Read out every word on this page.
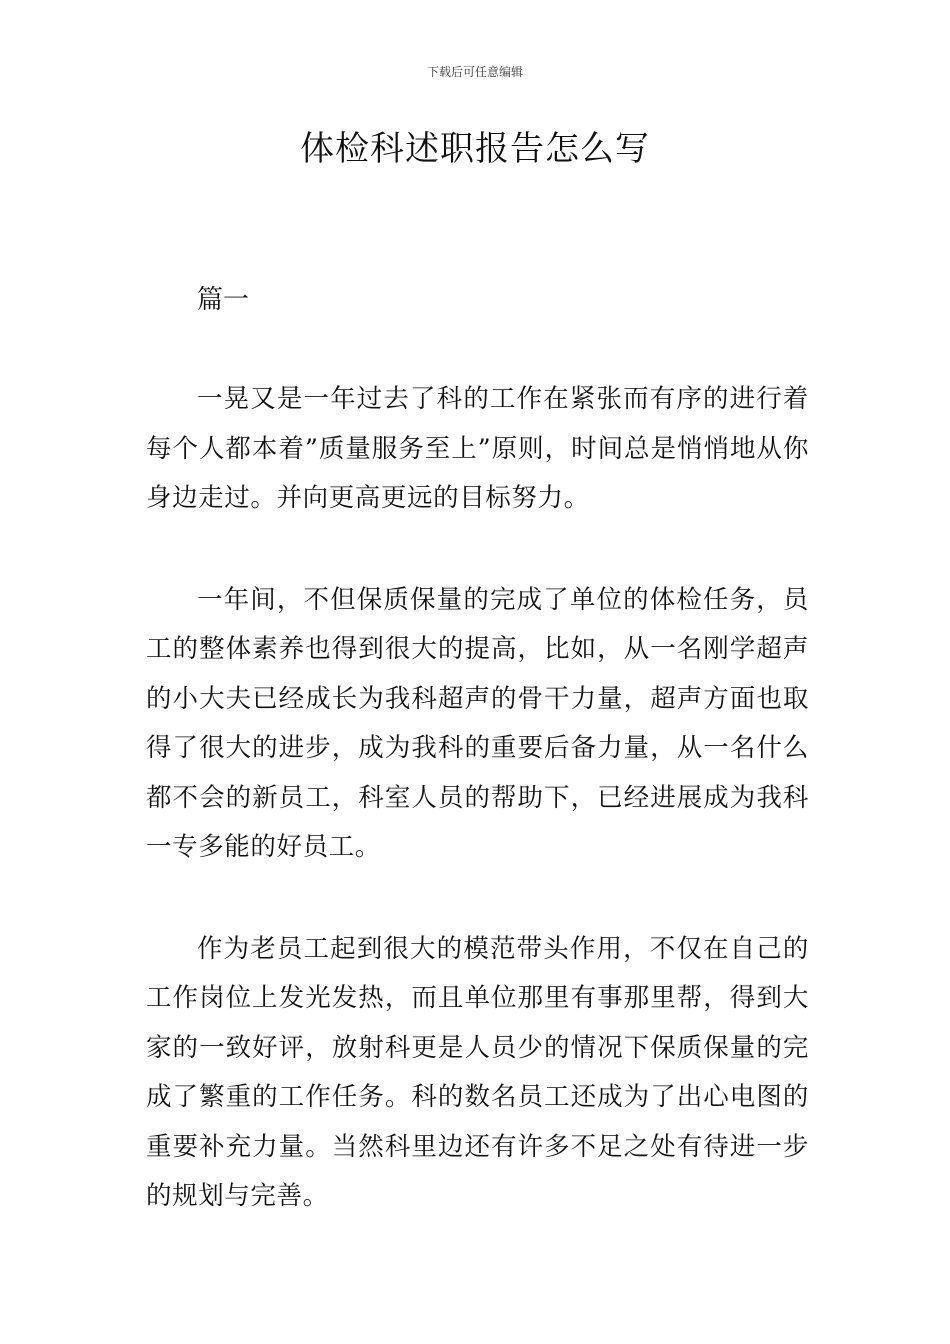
下载后可任意编辑
体检科述职报告怎么写

篇一

一晃又是一年过去了科的工作在紧张而有序的进行着每个人都本着”质量服务至上”原则，时间总是悄悄地从你身边走过。并向更高更远的目标努力。

一年间，不但保质保量的完成了单位的体检任务，员工的整体素养也得到很大的提高，比如，从一名刚学超声的小大夫已经成长为我科超声的骨干力量，超声方面也取得了很大的进步，成为我科的重要后备力量，从一名什么都不会的新员工，科室人员的帮助下，已经进展成为我科一专多能的好员工。

作为老员工起到很大的模范带头作用，不仅在自己的工作岗位上发光发热，而且单位那里有事那里帮，得到大家的一致好评，放射科更是人员少的情况下保质保量的完成了繁重的工作任务。科的数名员工还成为了出心电图的重要补充力量。当然科里边还有许多不足之处有待进一步的规划与完善。
